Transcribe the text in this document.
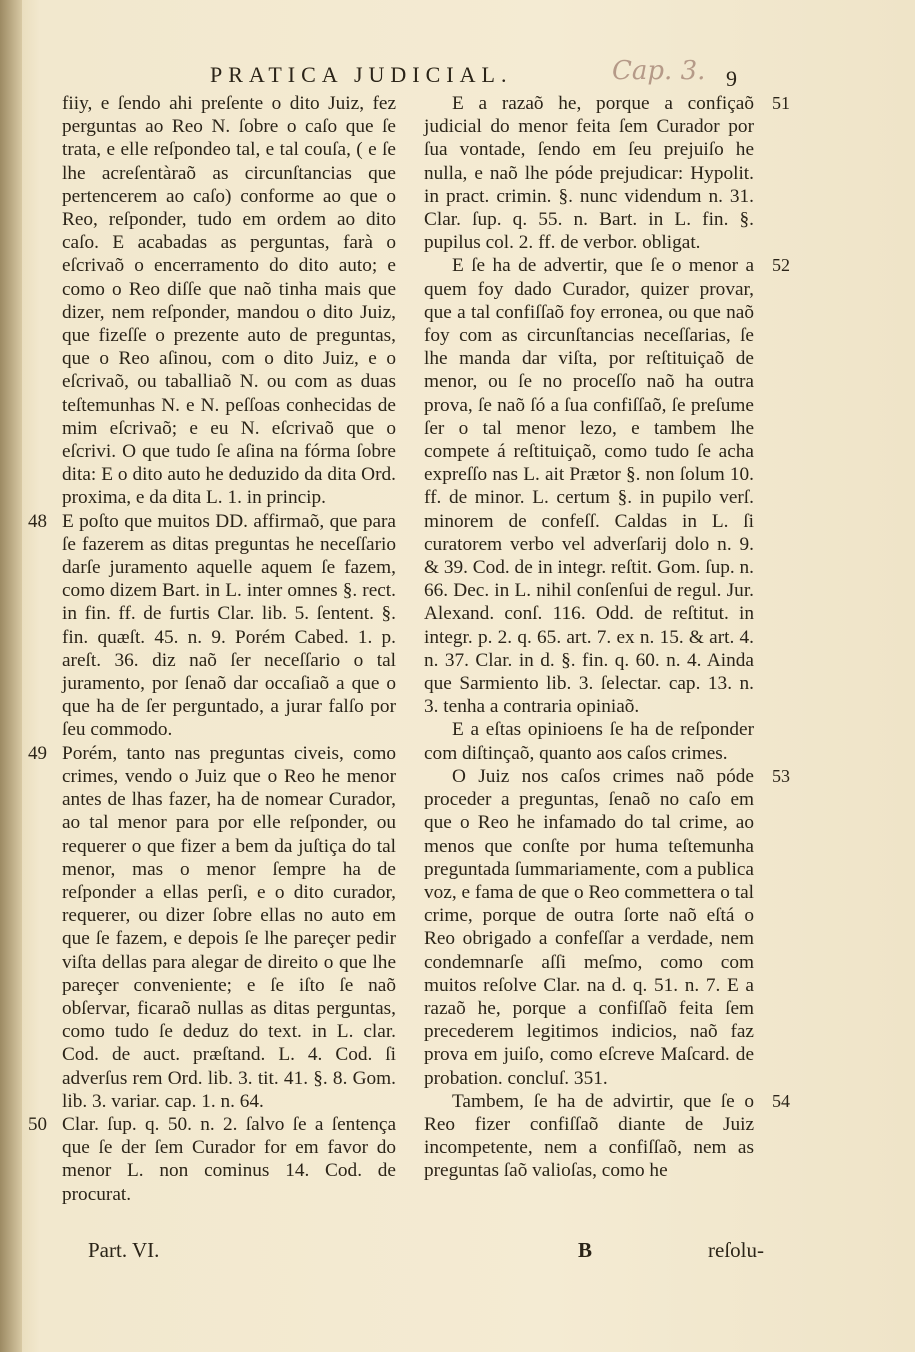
PRATICA JUDICIAL.	Cap. 3. 9

fiiy, e ſendo ahi preſente o dito Juiz, fez perguntas ao Reo N. ſobre o caſo que ſe trata, e elle reſpondeo tal, e tal couſa, ( e ſe lhe acreſentàraõ as circunſtancias que pertencerem ao caſo) conforme ao que o Reo, reſponder, tudo em ordem ao dito caſo. E acabadas as perguntas, farà o eſcrivaõ o encerramento do dito auto; e como o Reo diſſe que naõ tinha mais que dizer, nem reſponder, mandou o dito Juiz, que fizeſſe o prezente auto de preguntas, que o Reo aſinou, com o dito Juiz, e o eſcrivaõ, ou taballiaõ N. ou com as duas teſtemunhas N. e N. peſſoas conhecidas de mim eſcrivaõ; e eu N. eſcrivaõ que o eſcrivi. O que tudo ſe aſina na fórma ſobre dita: E o dito auto he deduzido da dita Ord. proxima, e da dita L. 1. in princip.

48 E poſto que muitos DD. affirmaõ, que para ſe fazerem as ditas preguntas he neceſſario darſe juramento aquelle aquem ſe fazem, como dizem Bart. in L. inter omnes §. rect. in fin. ff. de furtis Clar. lib. 5. ſentent. §. fin. quæſt. 45. n. 9. Porém Cabed. 1. p. areſt. 36. diz naõ ſer neceſſario o tal juramento, por ſenaõ dar occaſiaõ a que o que ha de ſer perguntado, a jurar falſo por ſeu commodo.

49 Porém, tanto nas preguntas civeis, como crimes, vendo o Juiz que o Reo he menor antes de lhas fazer, ha de nomear Curador, ao tal menor para por elle reſponder, ou requerer o que fizer a bem da juſtiça do tal menor, mas o menor ſempre ha de reſponder a ellas perſi, e o dito curador, requerer, ou dizer ſobre ellas no auto em que ſe fazem, e depois ſe lhe pareçer pedir viſta dellas para alegar de direito o que lhe pareçer conveniente; e ſe iſto ſe naõ obſervar, ficaraõ nullas as ditas perguntas, como tudo ſe deduz do text. in L. clar. Cod. de auct. præſtand. L. 4. Cod. ſi adverſus rem Ord. lib. 3. tit. 41. §. 8. Gom. lib. 3. variar. cap. 1. n. 64.

50 Clar. ſup. q. 50. n. 2. ſalvo ſe a ſentença que ſe der ſem Curador for em favor do menor L. non cominus 14. Cod. de procurat.

51
E a razaõ he, porque a confiçaõ judicial do menor feita ſem Curador por ſua vontade, ſendo em ſeu prejuiſo he nulla, e naõ lhe póde prejudicar: Hypolit. in pract. crimin. §. nunc videndum n. 31. Clar. ſup. q. 55. n. Bart. in L. fin. §. pupilus col. 2. ff. de verbor. obligat.

52
E ſe ha de advertir, que ſe o menor a quem foy dado Curador, quizer provar, que a tal confiſſaõ foy erronea, ou que naõ foy com as circunſtancias neceſſarias, ſe lhe manda dar viſta, por reſtituiçaõ de menor, ou ſe no proceſſo naõ ha outra prova, ſe naõ ſó a ſua confiſſaõ, ſe preſume ſer o tal menor lezo, e tambem lhe compete á reſtituiçaõ, como tudo ſe acha expreſſo nas L. ait Prætor §. non ſolum 10. ff. de minor. L. certum §. in pupilo verſ. minorem de confeſſ. Caldas in L. ſi curatorem verbo vel adverſarij dolo n. 9. & 39. Cod. de in integr. reſtit. Gom. ſup. n. 66. Dec. in L. nihil conſenſui de regul. Jur. Alexand. conſ. 116. Odd. de reſtitut. in integr. p. 2. q. 65. art. 7. ex n. 15. & art. 4. n. 37. Clar. in d. §. fin. q. 60. n. 4. Ainda que Sarmiento lib. 3. ſelectar. cap. 13. n. 3. tenha a contraria opiniaõ.

E a eſtas opinioens ſe ha de reſponder com diſtinçaõ, quanto aos caſos crimes.

53
O Juiz nos caſos crimes naõ póde proceder a preguntas, ſenaõ no caſo em que o Reo he infamado do tal crime, ao menos que conſte por huma teſtemunha preguntada ſummariamente, com a publica voz, e fama de que o Reo commettera o tal crime, porque de outra ſorte naõ eſtá o Reo obrigado a confeſſar a verdade, nem condemnarſe aſſi meſmo, como com muitos reſolve Clar. na d. q. 51. n. 7. E a razaõ he, porque a confiſſaõ feita ſem precederem legitimos indicios, naõ faz prova em juiſo, como eſcreve Maſcard. de probation. concluſ. 351.

54
Tambem, ſe ha de advirtir, que ſe o Reo fizer confiſſaõ diante de Juiz incompetente, nem a confiſſaõ, nem as preguntas ſaõ valioſas, como he

Part. VI.	B	reſolu-
